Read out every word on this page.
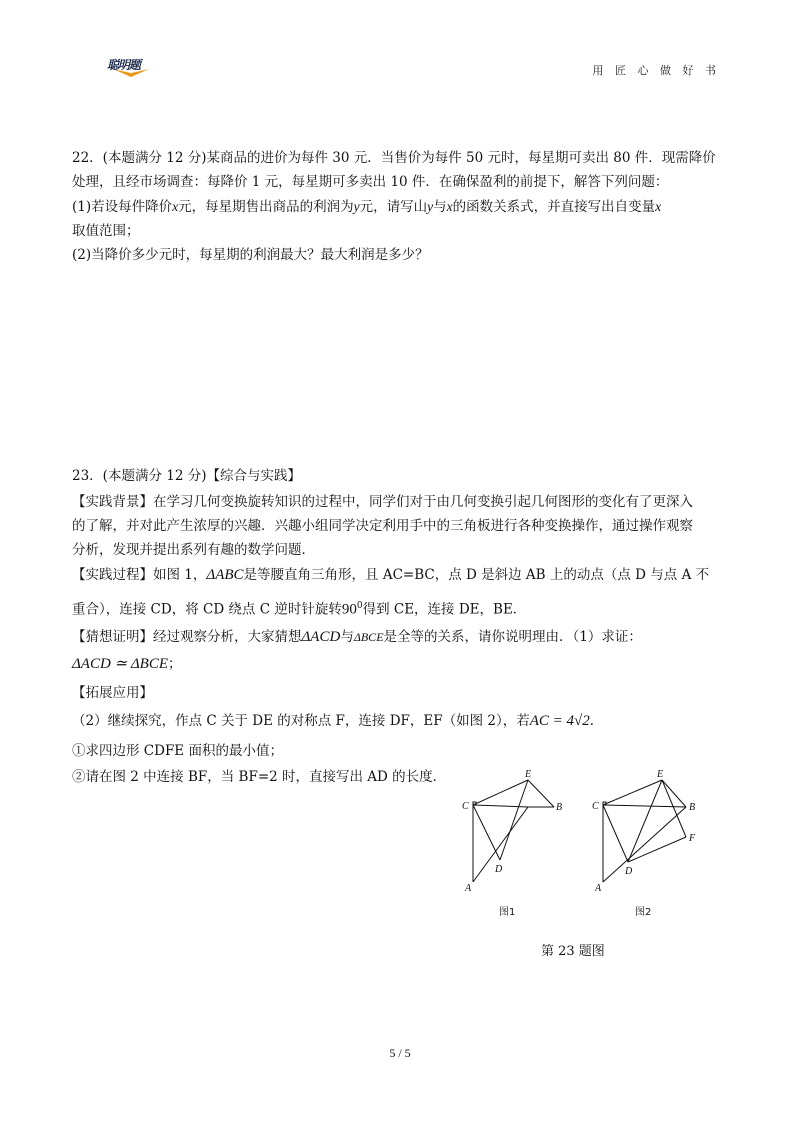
聪明题	用 匠 心 做 好 书
22．(本题满分 12 分)某商品的进价为每件 30 元．当售价为每件 50 元时，每星期可卖出 80 件．现需降价
处理，且经市场调查：每降价 1 元，每星期可多卖出 10 件．在确保盈利的前提下，解答下列问题：
(1)若设每件降价x元，每星期售出商品的利润为y元，请写山y与x的函数关系式，并直接写出自变量x
取值范围；
(2)当降价多少元时，每星期的利润最大？最大利润是多少？
23．(本题满分 12 分)【综合与实践】
【实践背景】在学习几何变换旋转知识的过程中，同学们对于由几何变换引起几何图形的变化有了更深入
的了解，并对此产生浓厚的兴趣．兴趣小组同学决定利用手中的三角板进行各种变换操作，通过操作观察
分析，发现并提出系列有趣的数学问题．
【实践过程】如图 1，ΔABC是等腰直角三角形，且 AC=BC，点 D 是斜边 AB 上的动点（点 D 与点 A 不
重合），连接 CD，将 CD 绕点 C 逆时针旋转$90^0$得到 CE，连接 DE，BE．
【猜想证明】经过观察分析，大家猜想ΔACD与ΔBCE是全等的关系，请你说明理由．（1）求证：
ΔACD ≃ ΔBCE；
【拓展应用】
（2）继续探究，作点 C 关于 DE 的对称点 F，连接 DF，EF（如图 2），若AC = 4√2．
①求四边形 CDFE 面积的最小值；
②请在图 2 中连接 BF，当 BF=2 时，直接写出 AD 的长度．
C	B
E
D
A
C	B
E
D
F
A
图1	图2
第 23 题图
5 / 5
